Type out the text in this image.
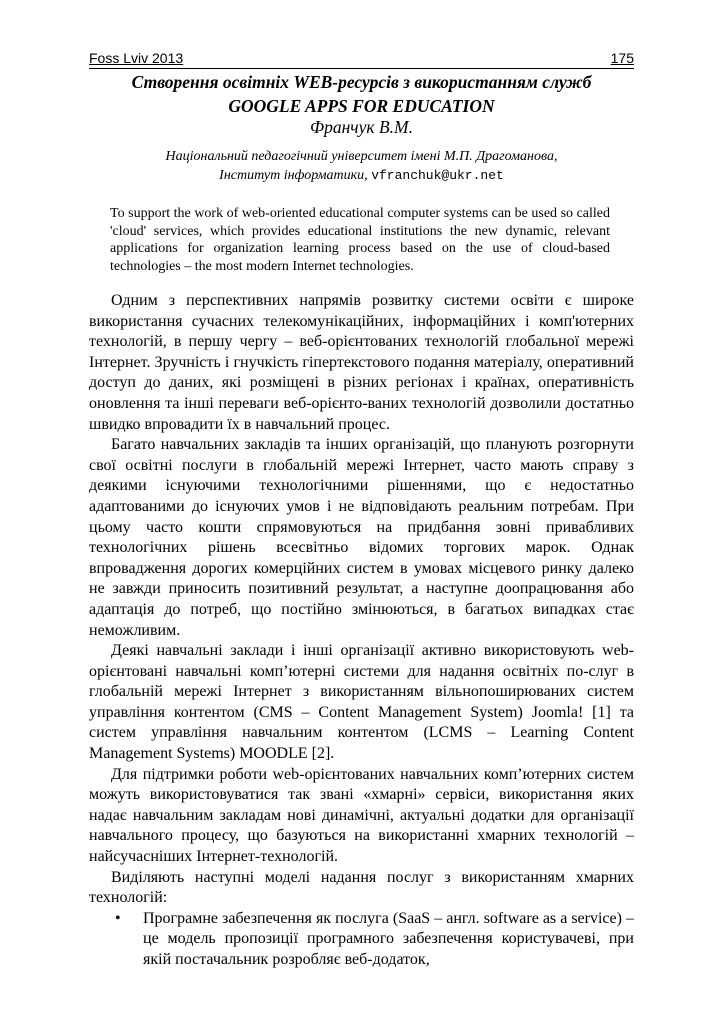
Foss Lviv 2013	175
Створення освітніх WEB-ресурсів з використанням служб
GOOGLE APPS FOR EDUCATION
Франчук В.М.
Національний педагогічний університет імені М.П. Драгоманова,
Інститут інформатики, vfranchuk@ukr.net
To support the work of web-oriented educational computer systems can be used so called 'cloud' services, which provides educational institutions the new dynamic, relevant applications for organization learning process based on the use of cloud-based technologies – the most modern Internet technologies.

Одним з перспективних напрямів розвитку системи освіти є широке використання сучасних телекомунікаційних, інформаційних і комп'ютерних технологій, в першу чергу – веб-орієнтованих технологій глобальної мережі Інтернет. Зручність і гнучкість гіпертекстового подання матеріалу, оперативний доступ до даних, які розміщені в різних регіонах і країнах, оперативність оновлення та інші переваги веб-орієнто-ваних технологій дозволили достатньо швидко впровадити їх в навчальний процес.

Багато навчальних закладів та інших організацій, що планують розгорнути свої освітні послуги в глобальній мережі Інтернет, часто мають справу з деякими існуючими технологічними рішеннями, що є недостатньо адаптованими до існуючих умов і не відповідають реальним потребам. При цьому часто кошти спрямовуються на придбання зовні привабливих технологічних рішень всесвітньо відомих торгових марок. Однак впровадження дорогих комерційних систем в умовах місцевого ринку далеко не завжди приносить позитивний результат, а наступне доопрацювання або адаптація до потреб, що постійно змінюються, в багатьох випадках стає неможливим.

Деякі навчальні заклади і інші організації активно використовують web-орієнтовані навчальні комп’ютерні системи для надання освітніх по-слуг в глобальній мережі Інтернет з використанням вільнопоширюваних систем управління контентом (CMS – Content Management System) Joomla! [1] та систем управління навчальним контентом (LCMS – Learning Content Management Systems) MOODLE [2].

Для підтримки роботи web-орієнтованих навчальних комп’ютерних систем можуть використовуватися так звані «хмарні» сервіси, використання яких надає навчальним закладам нові динамічні, актуальні додатки для організації навчального процесу, що базуються на використанні хмарних технологій – найсучасніших Інтернет-технологій.

Виділяють наступні моделі надання послуг з використанням хмарних технологій:

• Програмне забезпечення як послуга (SaaS – англ. software as a service) – це модель пропозиції програмного забезпечення користувачеві, при якій постачальник розробляє веб-додаток,
